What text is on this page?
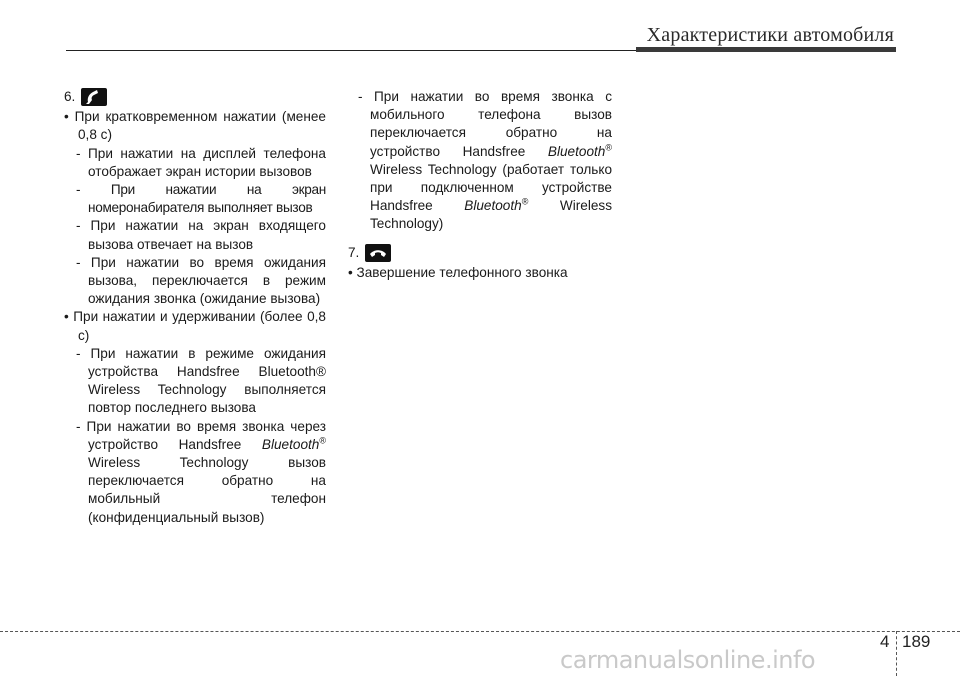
Характеристики автомобиля
6.

• При кратковременном нажатии (менее 0,8 с)

- При нажатии на дисплей телефона отображает экран истории вызовов

- При нажатии на экран номеронабирателя выполняет вызов

- При нажатии на экран входящего вызова отвечает на вызов

- При нажатии во время ожидания вызова, переключается в режим ожидания звонка (ожидание вызова)

• При нажатии и удерживании (более 0,8 с)

- При нажатии в режиме ожидания устройства Handsfree Bluetooth® Wireless Technology выполняется повтор последнего вызова

- При нажатии во время звонка через устройство Handsfree Bluetooth® Wireless Technology вызов переключается обратно на мобильный телефон (конфиденциальный вызов)

- При нажатии во время звонка с мобильного телефона вызов переключается обратно на устройство Handsfree Bluetooth® Wireless Technology (работает только при подключенном устройстве Handsfree Bluetooth® Wireless Technology)

7.

• Завершение телефонного звонка

4 189
carmanualsonline.info
